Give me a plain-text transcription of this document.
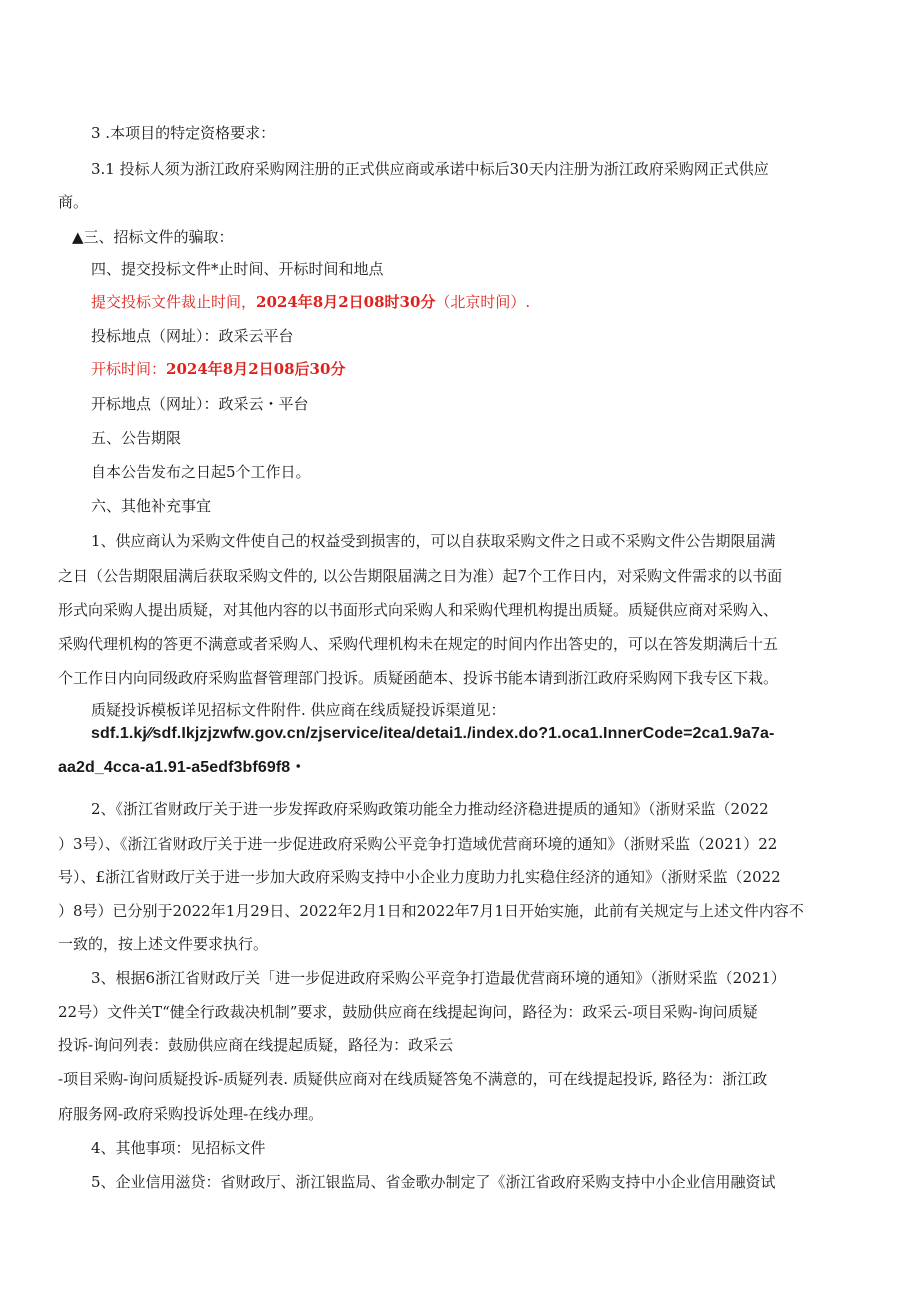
3 .本项目的特定资格要求：
3.1 投标人须为浙江政府采购网注册的正式供应商或承诺中标后30天内注册为浙江政府采购网正式供应
商。
▲三、招标文件的骗取：
四、提交投标文件*止时间、开标时间和地点
提交投标文件裁止时间，2024年8月2日08时30分（北京时间）.
投标地点（网址）：政采云平台
开标时间：2024年8月2日08后30分
开标地点（网址）：政采云・平台
五、公告期限
自本公告发布之日起5个工作日。
六、其他补充事宜
1、供应商认为采购文件使自己的权益受到损害的，可以自获取采购文件之日或不采购文件公告期限届满
之日（公告期限届满后获取采购文件的, 以公告期限届满之日为准）起7个工作日内，对采购文件需求的以书面
形式向采购人提出质疑，对其他内容的以书面形式向采购人和采购代理机构提出质疑。质疑供应商对采购入、
采购代理机构的答更不满意或者采购人、采购代理机构未在规定的时间内作出答史的，可以在答发期满后十五
个工作日内向同级政府采购监督管理部门投诉。质疑函葩本、投诉书能本请到浙江政府采购网下我专区下栽。
质疑投诉模板详见招标文件附件. 供应商在线质疑投诉渠道见：
sdf.1.kj⁄⁄sdf.Ikjzjzwfw.gov.cn/zjservice/itea/detai1./index.do?1.oca1.InnerCode=2ca1.9a7a-
aa2d_4cca-a1.91-a5edf3bf69f8・
2、《浙江省财政厅关于进一步发挥政府采购政策功能全力推动经济稳进提质的通知》（浙财采监（2022
）3号）、《浙江省财政厅关于进一步促进政府采购公平竞争打造域优营商环境的通知》（浙财采监（2021）22
号）、£浙江省财政厅关于进一步加大政府采购支持中小企业力度助力扎实稳住经济的通知》（浙财采监（2022
）8号）已分别于2022年1月29日、2022年2月1日和2022年7月1日开始实施，此前有关规定与上述文件内容不
一致的，按上述文件要求执行。
3、根据6浙江省财政厅关「进一步促进政府采购公平竞争打造最优营商环境的通知》（浙财采监（2021）
22号）文件关T“健全行政裁决机制”要求，鼓励供应商在线提起询问，路径为：政采云-项目采购-询问质疑
投诉-询问列表：鼓励供应商在线提起质疑，路径为：政采云
-项目采购-询问质疑投诉-质疑列表. 质疑供应商对在线质疑答兔不满意的，可在线提起投诉, 路径为：浙江政
府服务网-政府采购投诉处理-在线办理。
4、其他事项：见招标文件
5、企业信用滋贷：省财政厅、浙江银监局、省金歌办制定了《浙江省政府采购支持中小企业信用融资试
